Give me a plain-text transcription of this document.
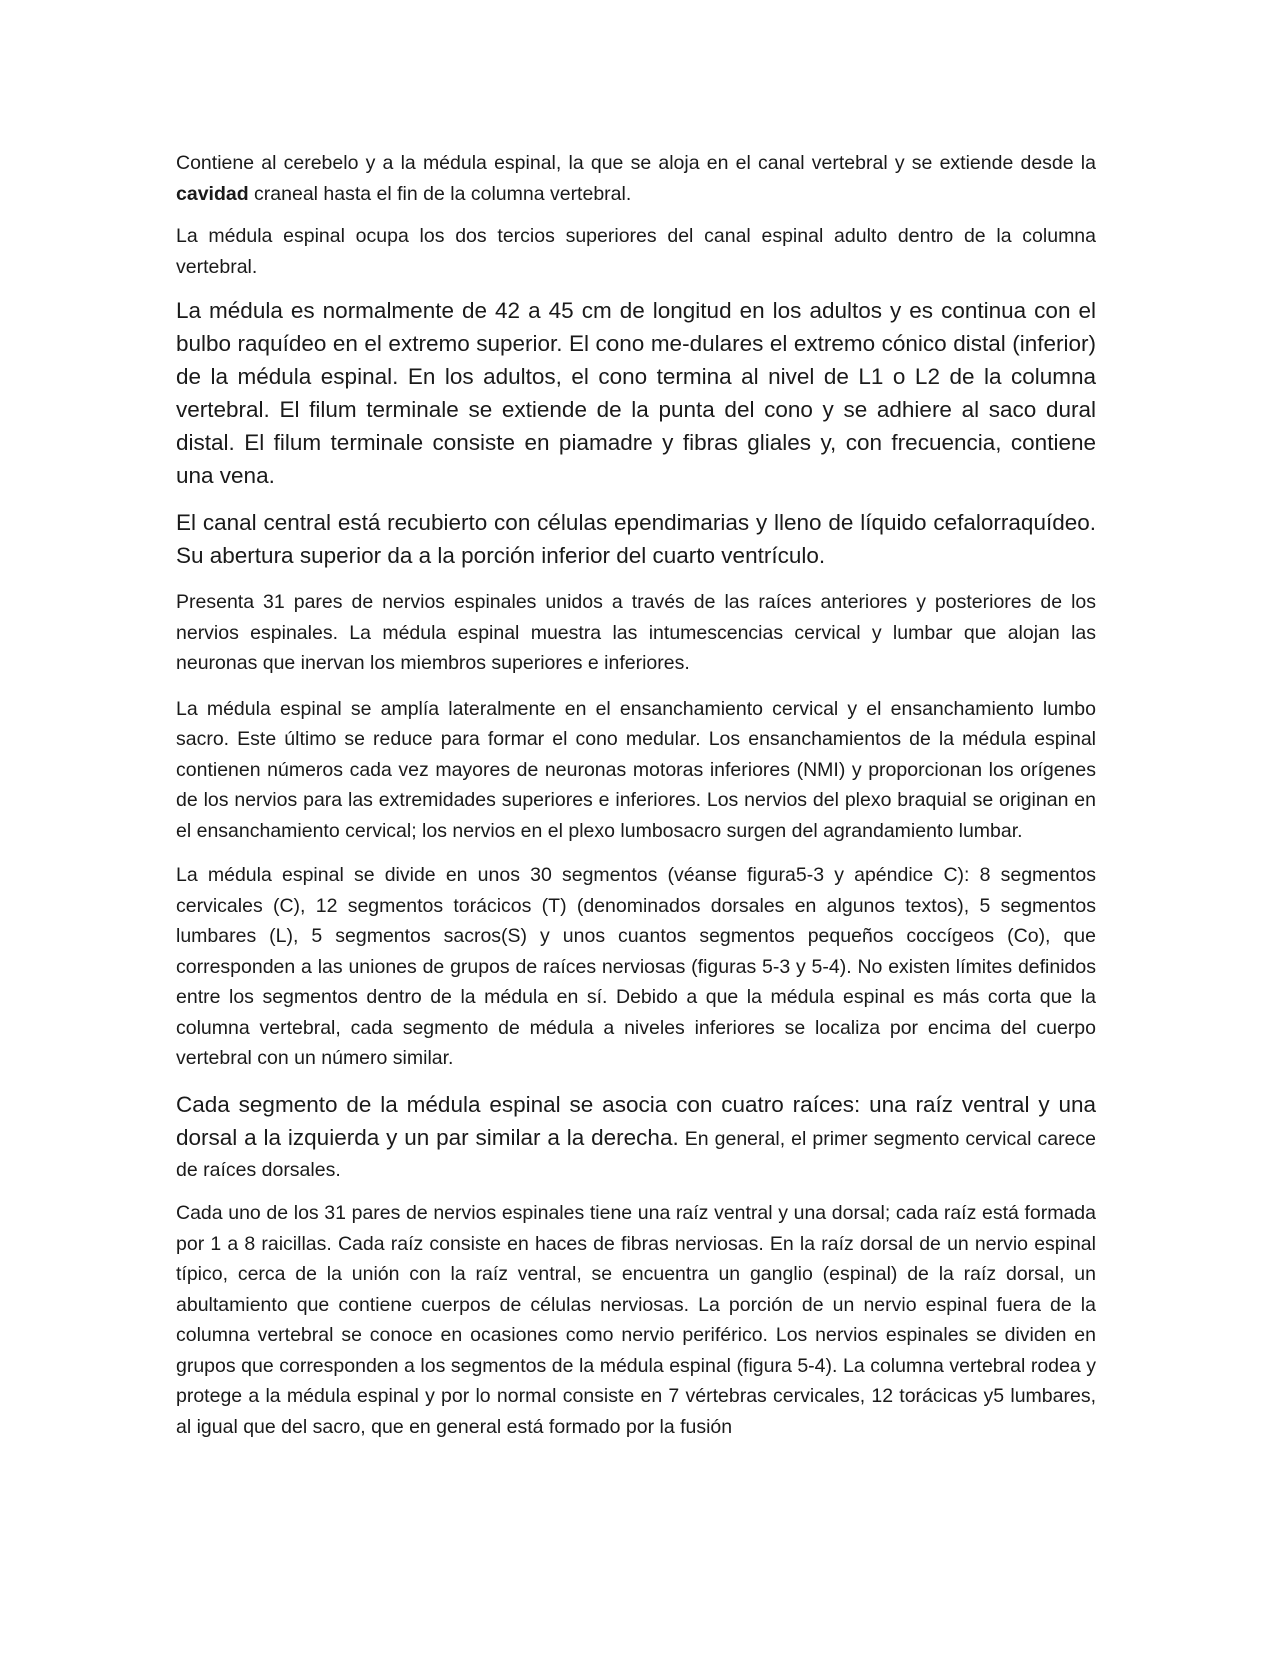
Contiene al cerebelo y a la médula espinal, la que se aloja en el canal vertebral y se extiende desde la cavidad craneal hasta el fin de la columna vertebral.

La médula espinal ocupa los dos tercios superiores del canal espinal adulto dentro de la columna vertebral.

La médula es normalmente de 42 a 45 cm de longitud en los adultos y es continua con el bulbo raquídeo en el extremo superior. El cono me-dulares el extremo cónico distal (inferior) de la médula espinal. En los adultos, el cono termina al nivel de L1 o L2 de la columna vertebral. El filum terminale se extiende de la punta del cono y se adhiere al saco dural distal. El filum terminale consiste en piamadre y fibras gliales y, con frecuencia, contiene una vena.

El canal central está recubierto con células ependimarias y lleno de líquido cefalorraquídeo. Su abertura superior da a la porción inferior del cuarto ventrículo.

Presenta 31 pares de nervios espinales unidos a través de las raíces anteriores y posteriores de los nervios espinales. La médula espinal muestra las intumescencias cervical y lumbar que alojan las neuronas que inervan los miembros superiores e inferiores.

La médula espinal se amplía lateralmente en el ensanchamiento cervical y el ensanchamiento lumbo sacro. Este último se reduce para formar el cono medular. Los ensanchamientos de la médula espinal contienen números cada vez mayores de neuronas motoras inferiores (NMI) y proporcionan los orígenes de los nervios para las extremidades superiores e inferiores. Los nervios del plexo braquial se originan en el ensanchamiento cervical; los nervios en el plexo lumbosacro surgen del agrandamiento lumbar.

La médula espinal se divide en unos 30 segmentos (véanse figura5-3 y apéndice C): 8 segmentos cervicales (C), 12 segmentos torácicos (T) (denominados dorsales en algunos textos), 5 segmentos lumbares (L), 5 segmentos sacros(S) y unos cuantos segmentos pequeños coccígeos (Co), que corresponden a las uniones de grupos de raíces nerviosas (figuras 5-3 y 5-4). No existen límites definidos entre los segmentos dentro de la médula en sí. Debido a que la médula espinal es más corta que la columna vertebral, cada segmento de médula a niveles inferiores se localiza por encima del cuerpo vertebral con un número similar.

Cada segmento de la médula espinal se asocia con cuatro raíces: una raíz ventral y una dorsal a la izquierda y un par similar a la derecha. En general, el primer segmento cervical carece de raíces dorsales.

Cada uno de los 31 pares de nervios espinales tiene una raíz ventral y una dorsal; cada raíz está formada por 1 a 8 raicillas. Cada raíz consiste en haces de fibras nerviosas. En la raíz dorsal de un nervio espinal típico, cerca de la unión con la raíz ventral, se encuentra un ganglio (espinal) de la raíz dorsal, un abultamiento que contiene cuerpos de células nerviosas. La porción de un nervio espinal fuera de la columna vertebral se conoce en ocasiones como nervio periférico. Los nervios espinales se dividen en grupos que corresponden a los segmentos de la médula espinal (figura 5-4). La columna vertebral rodea y protege a la médula espinal y por lo normal consiste en 7 vértebras cervicales, 12 torácicas y5 lumbares, al igual que del sacro, que en general está formado por la fusión
